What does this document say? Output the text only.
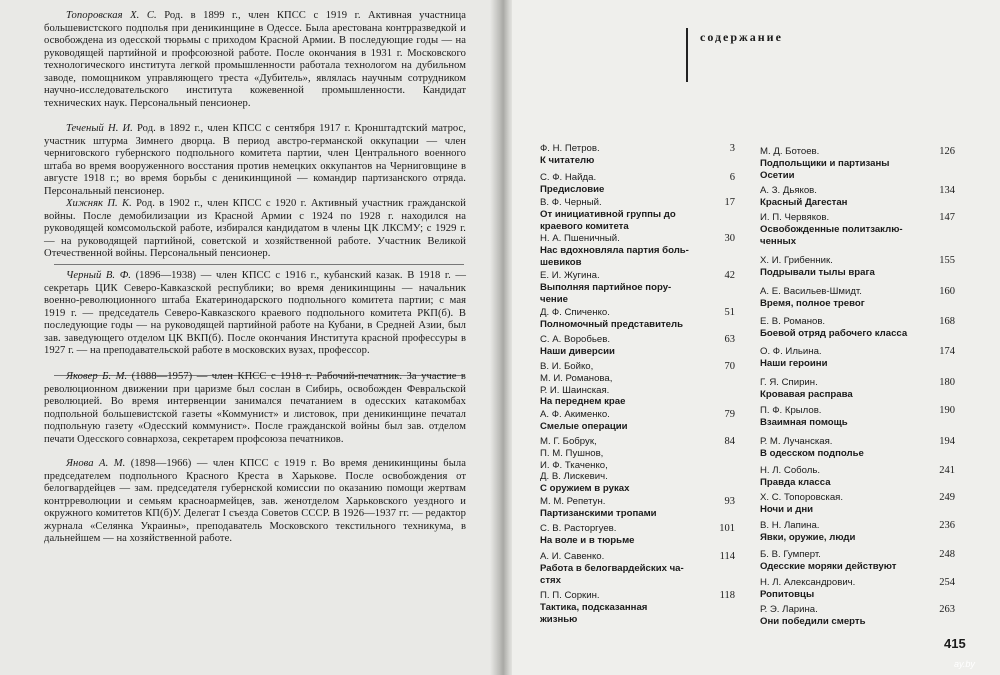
Топоровская Х. С. Род. в 1899 г., член КПСС с 1919 г. Активная участница большевистского подполья при деникинщине в Одессе. Была арестована контрразведкой и освобождена из одесской тюрьмы с приходом Красной Армии. В последующие годы — на руководящей партийной и профсоюзной работе. После окончания в 1931 г. Московского технологического института легкой промышленности работала технологом на дубильном заводе, помощником управляющего треста «Дубитель», являлась научным сотрудником научно-исследовательского института кожевенной промышленности. Кандидат технических наук. Персональный пенсионер.

Теченый Н. И. Род. в 1892 г., член КПСС с сентября 1917 г. Кронштадтский матрос, участник штурма Зимнего дворца. В период австро-германской оккупации — член черниговского губернского подпольного комитета партии, член Центрального военного штаба во время вооруженного восстания против немецких оккупантов на Черниговщине в августе 1918 г.; во время борьбы с деникинщиной — командир партизанского отряда. Персональный пенсионер.

Хижняк П. К. Род. в 1902 г., член КПСС с 1920 г. Активный участник гражданской войны. После демобилизации из Красной Армии с 1924 по 1928 г. находился на руководящей комсомольской работе, избирался кандидатом в члены ЦК ЛКСМУ; с 1929 г. — на руководящей партийной, советской и хозяйственной работе. Участник Великой Отечественной войны. Персональный пенсионер.

Черный В. Ф. (1896—1938) — член КПСС с 1916 г., кубанский казак. В 1918 г. — секретарь ЦИК Северо-Кавказской республики; во время деникинщины — начальник военно-революционного штаба Екатеринодарского подпольного комитета партии; с мая 1919 г. — председатель Северо-Кавказского краевого подпольного комитета РКП(б). В последующие годы — на руководящей партийной работе на Кубани, в Средней Азии, был зав. заведующего отделом ЦК ВКП(б). После окончания Института красной профессуры в 1927 г. — на преподавательской работе в московских вузах, профессор.

Яковер Б. М. (1888—1957) — член КПСС с 1918 г. Рабочий-печатник. За участие в революционном движении при царизме был сослан в Сибирь, освобожден Февральской революцией. Во время интервенции занимался печатанием в одесских катакомбах подпольной большевистской газеты «Коммунист» и листовок, при деникинщине печатал подпольную газету «Одесский коммунист». После гражданской войны был зав. отделом печати Одесского совнархоза, секретарем профсоюза печатников.

Янова А. М. (1898—1966) — член КПСС с 1919 г. Во время деникинщины была председателем подпольного Красного Креста в Харькове. После освобождения от белогвардейцев — зам. председателя губернской комиссии по оказанию помощи жертвам контрреволюции и семьям красноармейцев, зав. женотделом Харьковского уездного и окружного комитетов КП(б)У. Делегат I съезда Советов СССР. В 1926—1937 гг. — редактор журнала «Селянка Украины», преподаватель Московского текстильного техникума, в дальнейшем — на хозяйственной работе.

содержание
Ф. Н. Петров.
К читателю
3
С. Ф. Найда.
Предисловие
6
В. Ф. Черный.
От инициативной группы до
краевого комитета
17
Н. А. Пшеничный.
Нас вдохновляла партия боль-
шевиков
30
Е. И. Жугина.
Выполняя партийное пору-
чение
42
Д. Ф. Спиченко.
Полномочный представитель
51
С. А. Воробьев.
Наши диверсии
63
В. И. Бойко,
М. И. Романова,
Р. И. Шаинская.
На переднем крае
70
А. Ф. Акименко.
Смелые операции
79
М. Г. Бобрук,
П. М. Пушнов,
И. Ф. Ткаченко,
Д. В. Лискевич.
С оружием в руках
84
М. М. Репетун.
Партизанскими тропами
93
С. В. Расторгуев.
На воле и в тюрьме
101
А. И. Савенко.
Работа в белогвардейских ча-
стях
114
П. П. Соркин.
Тактика, подсказанная
жизнью
118
М. Д. Ботоев.
Подпольщики и партизаны
Осетии
126
А. З. Дьяков.
Красный Дагестан
134
И. П. Червяков.
Освобожденные политзаклю-
ченных
147
Х. И. Грибенник.
Подрывали тылы врага
155
А. Е. Васильев-Шмидт.
Время, полное тревог
160
Е. В. Романов.
Боевой отряд рабочего класса
168
О. Ф. Ильина.
Наши героини
174
Г. Я. Спирин.
Кровавая расправа
180
П. Ф. Крылов.
Взаимная помощь
190
Р. М. Лучанская.
В одесском подполье
194
Н. Л. Соболь.
Правда класса
241
Х. С. Топоровская.
Ночи и дни
249
В. Н. Лапина.
Явки, оружие, люди
236
Б. В. Гумперт.
Одесские моряки действуют
248
Н. Л. Александрович.
Ропитовцы
254
Р. Э. Ларина.
Они победили смерть
263
415
ay.by
